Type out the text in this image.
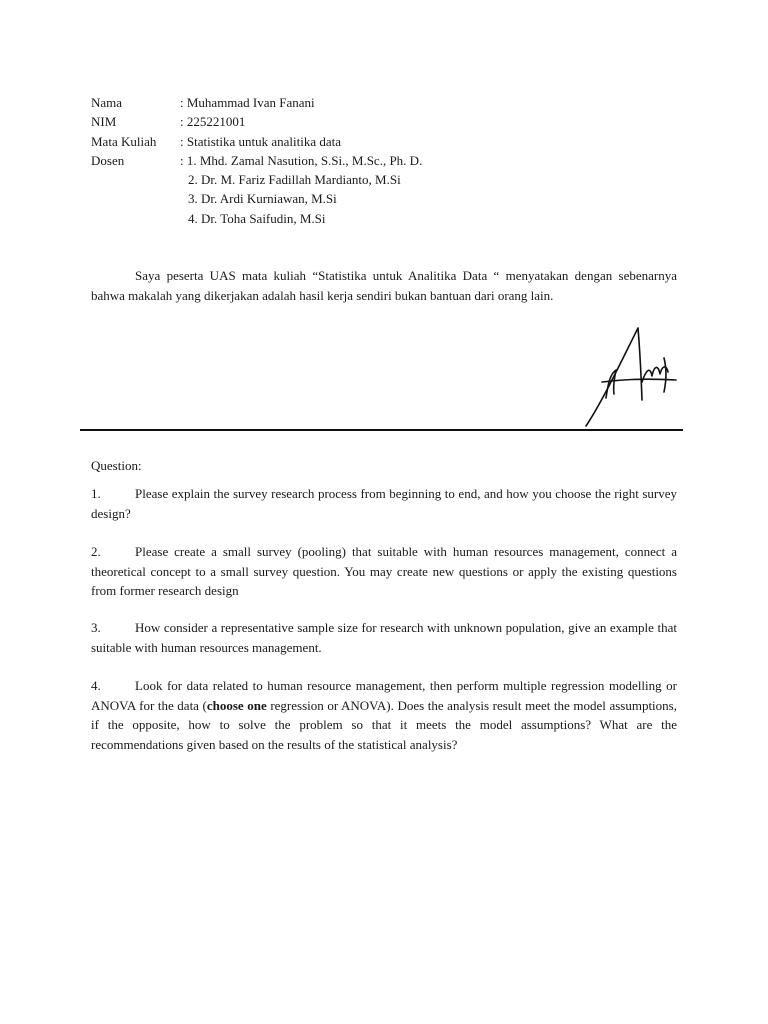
Nama	: Muhammad Ivan Fanani
NIM	: 225221001
Mata Kuliah	: Statistika untuk analitika data
Dosen	: 1. Mhd. Zamal Nasution, S.Si., M.Sc., Ph. D.
2. Dr. M. Fariz Fadillah Mardianto, M.Si
3. Dr. Ardi Kurniawan, M.Si
4. Dr. Toha Saifudin, M.Si

Saya peserta UAS mata kuliah “Statistika untuk Analitika Data “ menyatakan dengan sebenarnya bahwa makalah yang dikerjakan adalah hasil kerja sendiri bukan bantuan dari orang lain.

Question:

1.	Please explain the survey research process from beginning to end, and how you choose the right survey design?

2.	Please create a small survey (pooling) that suitable with human resources management, connect a theoretical concept to a small survey question. You may create new questions or apply the existing questions from former research design

3.	How consider a representative sample size for research with unknown population, give an example that suitable with human resources management.

4.	Look for data related to human resource management, then perform multiple regression modelling or ANOVA for the data (choose one regression or ANOVA). Does the analysis result meet the model assumptions, if the opposite, how to solve the problem so that it meets the model assumptions? What are the recommendations given based on the results of the statistical analysis?
